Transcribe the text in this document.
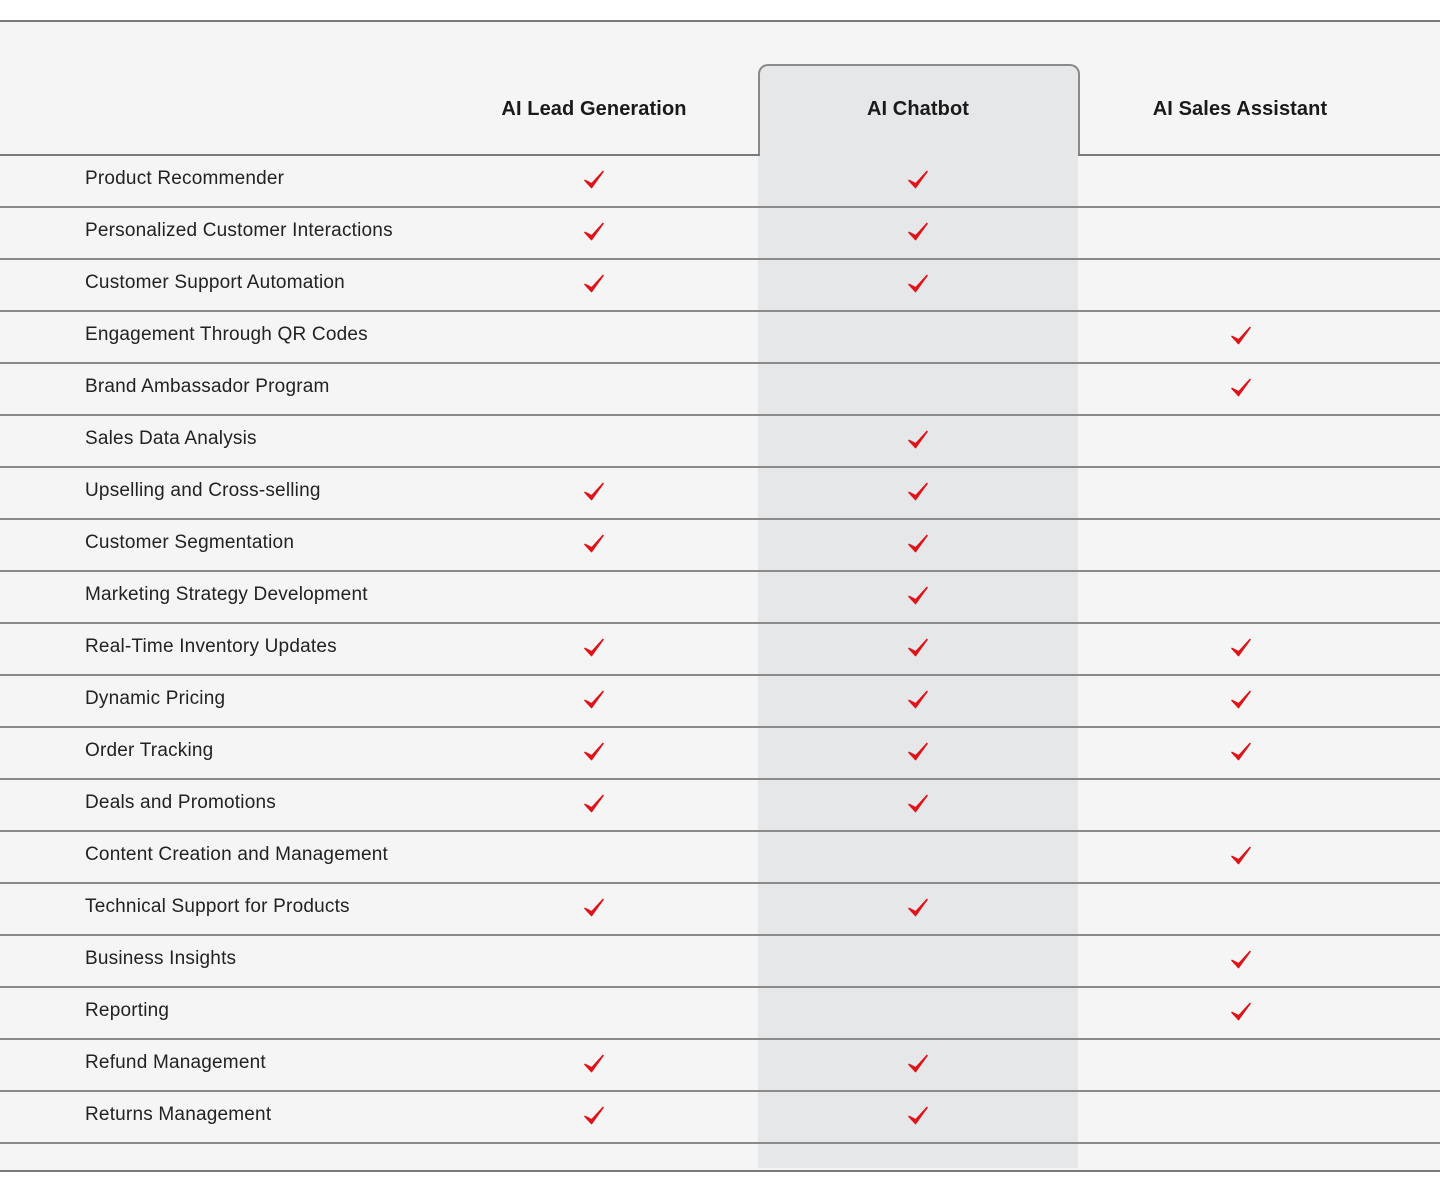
AI Lead Generation	AI Chatbot	AI Sales Assistant
Product Recommender
Personalized Customer Interactions
Customer Support Automation
Engagement Through QR Codes
Brand Ambassador Program
Sales Data Analysis
Upselling and Cross-selling
Customer Segmentation
Marketing Strategy Development
Real-Time Inventory Updates
Dynamic Pricing
Order Tracking
Deals and Promotions
Content Creation and Management
Technical Support for Products
Business Insights
Reporting
Refund Management
Returns Management
